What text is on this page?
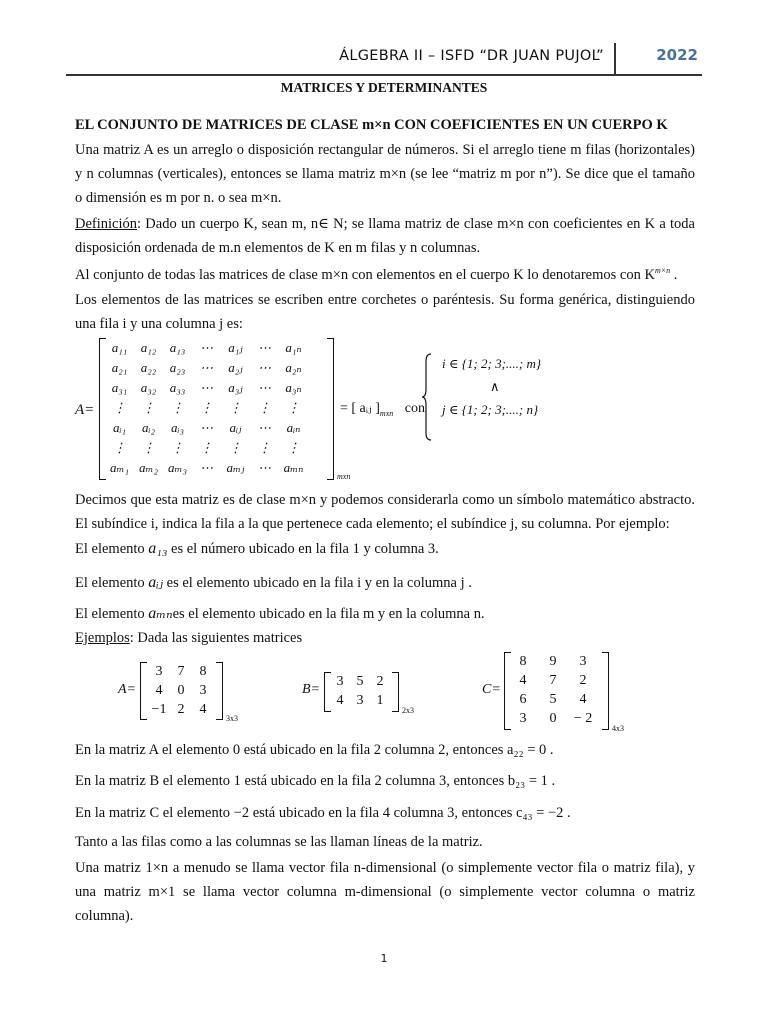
ÁLGEBRA II – ISFD “DR JUAN PUJOL”	2022
MATRICES Y DETERMINANTES
EL CONJUNTO DE MATRICES DE CLASE m×n CON COEFICIENTES EN UN CUERPO K
Una matriz A es un arreglo o disposición rectangular de números. Si el arreglo tiene m filas (horizontales) y n columnas (verticales), entonces se llama matriz m×n (se lee “matriz m por n”). Se dice que el tamaño o dimensión es m por n. o sea m×n.
Definición: Dado un cuerpo K, sean m, n∈ N; se llama matriz de clase m×n con coeficientes en K a toda disposición ordenada de m.n elementos de K en m filas y n columnas.
Al conjunto de todas las matrices de clase m×n con elementos en el cuerpo K lo denotaremos con $K^{m\times n}$ .
Los elementos de las matrices se escriben entre corchetes o paréntesis. Su forma genérica, distinguiendo una fila i y una columna j es:
A=
a₁₁	a₁₂	a₁₃	⋯	a₁ⱼ	⋯	a₁ₙ
a₂₁	a₂₂	a₂₃	⋯	a₂ⱼ	⋯	a₂ₙ
a₃₁	a₃₂	a₃₃	⋯	a₃ⱼ	⋯	a₃ₙ
⋮	⋮	⋮	⋮	⋮	⋮	⋮
aᵢ₁	aᵢ₂	aᵢ₃	⋯	aᵢⱼ	⋯	aᵢₙ
⋮	⋮	⋮	⋮	⋮	⋮	⋮
aₘ₁ aₘ₂ aₘ₃	⋯	aₘⱼ	⋯ aₘₙ
mxn
= [ aᵢⱼ ]$_{mxn}$ con
i ∈ {1; 2; 3;....; m}
∧
j ∈ {1; 2; 3;....; n}
Decimos que esta matriz es de clase m×n y podemos considerarla como un símbolo matemático abstracto. El subíndice i, indica la fila a la que pertenece cada elemento; el subíndice j, su columna. Por ejemplo:
El elemento a₁₃ es el número ubicado en la fila 1 y columna 3.
El elemento aᵢⱼ es el elemento ubicado en la fila i y en la columna j .
El elemento aₘₙes el elemento ubicado en la fila m y en la columna n.
Ejemplos: Dada las siguientes matrices
A=
3	7	8
4	0	3
−1 2	4
3x3
B=
3 5 2
4 3 1
2x3
C=
8	9	3
4	7	2
6	5	4
3	0	− 2
4x3
En la matriz A el elemento 0 está ubicado en la fila 2 columna 2, entonces a₂₂ = 0 .
En la matriz B el elemento 1 está ubicado en la fila 2 columna 3, entonces b₂₃ = 1 .
En la matriz C el elemento −2 está ubicado en la fila 4 columna 3, entonces c₄₃ = −2 .
Tanto a las filas como a las columnas se las llaman líneas de la matriz.
Una matriz 1×n a menudo se llama vector fila n-dimensional (o simplemente vector fila o matriz fila), y una matriz m×1 se llama vector columna m-dimensional (o simplemente vector columna o matriz columna).
1
